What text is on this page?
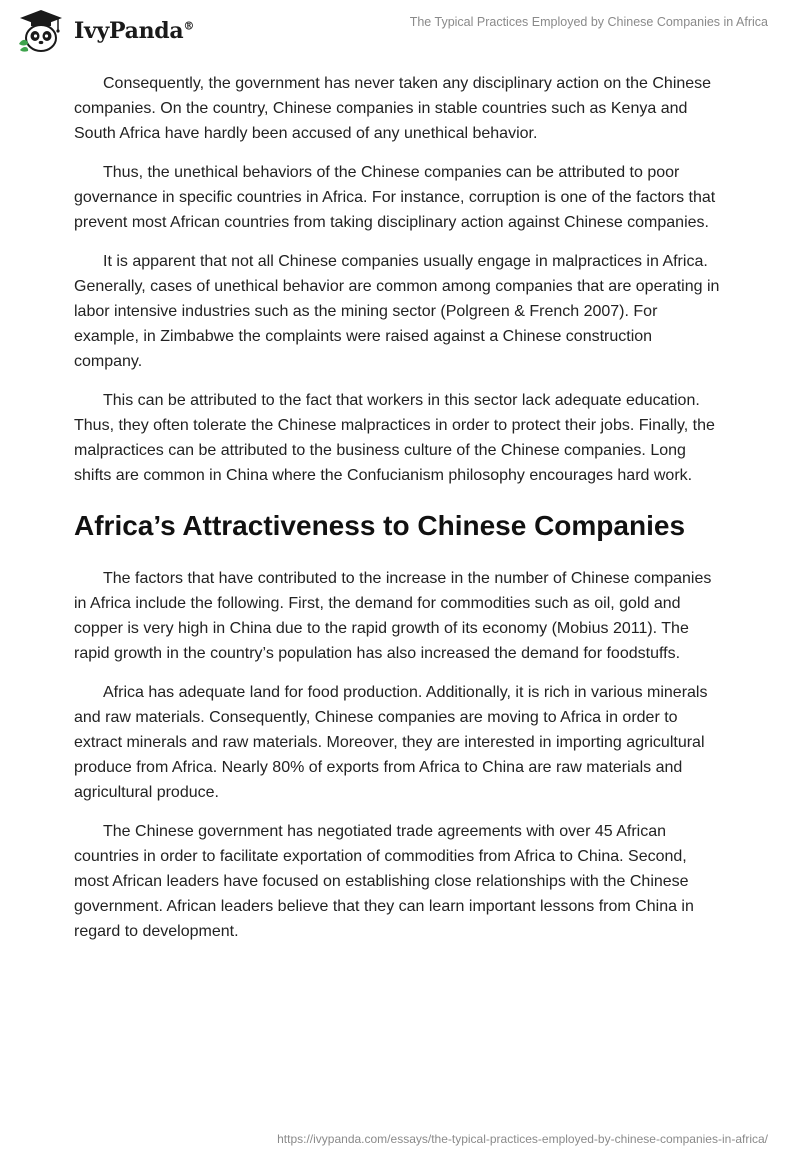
IvyPanda®	The Typical Practices Employed by Chinese Companies in Africa

Consequently, the government has never taken any disciplinary action on the Chinese companies. On the country, Chinese companies in stable countries such as Kenya and South Africa have hardly been accused of any unethical behavior.

Thus, the unethical behaviors of the Chinese companies can be attributed to poor governance in specific countries in Africa. For instance, corruption is one of the factors that prevent most African countries from taking disciplinary action against Chinese companies.

It is apparent that not all Chinese companies usually engage in malpractices in Africa. Generally, cases of unethical behavior are common among companies that are operating in labor intensive industries such as the mining sector (Polgreen & French 2007). For example, in Zimbabwe the complaints were raised against a Chinese construction company.

This can be attributed to the fact that workers in this sector lack adequate education. Thus, they often tolerate the Chinese malpractices in order to protect their jobs. Finally, the malpractices can be attributed to the business culture of the Chinese companies. Long shifts are common in China where the Confucianism philosophy encourages hard work.

Africa’s Attractiveness to Chinese Companies

The factors that have contributed to the increase in the number of Chinese companies in Africa include the following. First, the demand for commodities such as oil, gold and copper is very high in China due to the rapid growth of its economy (Mobius 2011). The rapid growth in the country’s population has also increased the demand for foodstuffs.

Africa has adequate land for food production. Additionally, it is rich in various minerals and raw materials. Consequently, Chinese companies are moving to Africa in order to extract minerals and raw materials. Moreover, they are interested in importing agricultural produce from Africa. Nearly 80% of exports from Africa to China are raw materials and agricultural produce.

The Chinese government has negotiated trade agreements with over 45 African countries in order to facilitate exportation of commodities from Africa to China. Second, most African leaders have focused on establishing close relationships with the Chinese government. African leaders believe that they can learn important lessons from China in regard to development.

https://ivypanda.com/essays/the-typical-practices-employed-by-chinese-companies-in-africa/
